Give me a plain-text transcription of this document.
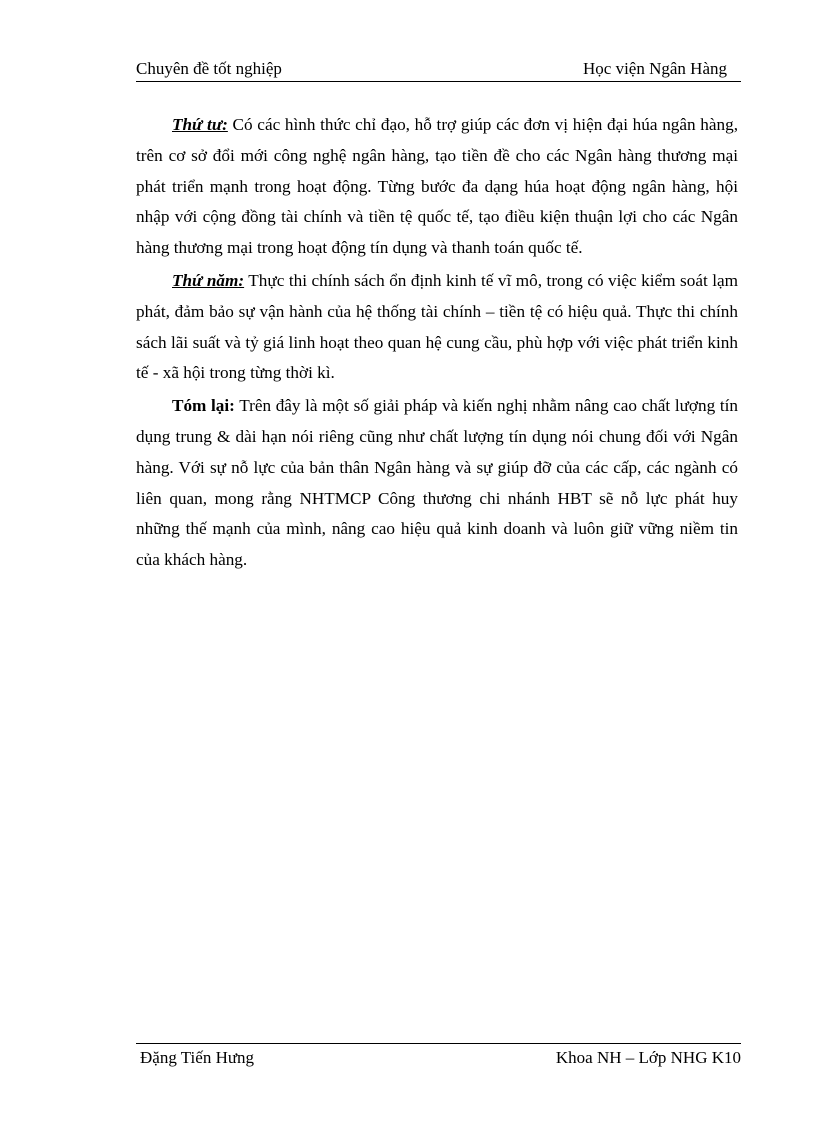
Chuyên đề tốt nghiệp	Học viện Ngân Hàng

Thứ tư: Có các hình thức chỉ đạo, hỗ trợ giúp các đơn vị hiện đại húa ngân hàng, trên cơ sở đổi mới công nghệ ngân hàng, tạo tiền đề cho các Ngân hàng thương mại phát triển mạnh trong hoạt động. Từng bước đa dạng húa hoạt động ngân hàng, hội nhập với cộng đồng tài chính và tiền tệ quốc tế, tạo điều kiện thuận lợi cho các Ngân hàng thương mại trong hoạt động tín dụng và thanh toán quốc tế.

Thứ năm: Thực thi chính sách ổn định kinh tế vĩ mô, trong có việc kiểm soát lạm phát, đảm bảo sự vận hành của hệ thống tài chính – tiền tệ có hiệu quả. Thực thi chính sách lãi suất và tỷ giá linh hoạt theo quan hệ cung cầu, phù hợp với việc phát triển kinh tế - xã hội trong từng thời kì.

Tóm lại: Trên đây là một số giải pháp và kiến nghị nhằm nâng cao chất lượng tín dụng trung & dài hạn nói riêng cũng như chất lượng tín dụng nói chung đối với Ngân hàng. Với sự nỗ lực của bản thân Ngân hàng và sự giúp đỡ của các cấp, các ngành có liên quan, mong rằng NHTMCP Công thương chi nhánh HBT sẽ nỗ lực phát huy những thế mạnh của mình, nâng cao hiệu quả kinh doanh và luôn giữ vững niềm tin của khách hàng.

Đặng Tiến Hưng	Khoa NH – Lớp NHG K10
